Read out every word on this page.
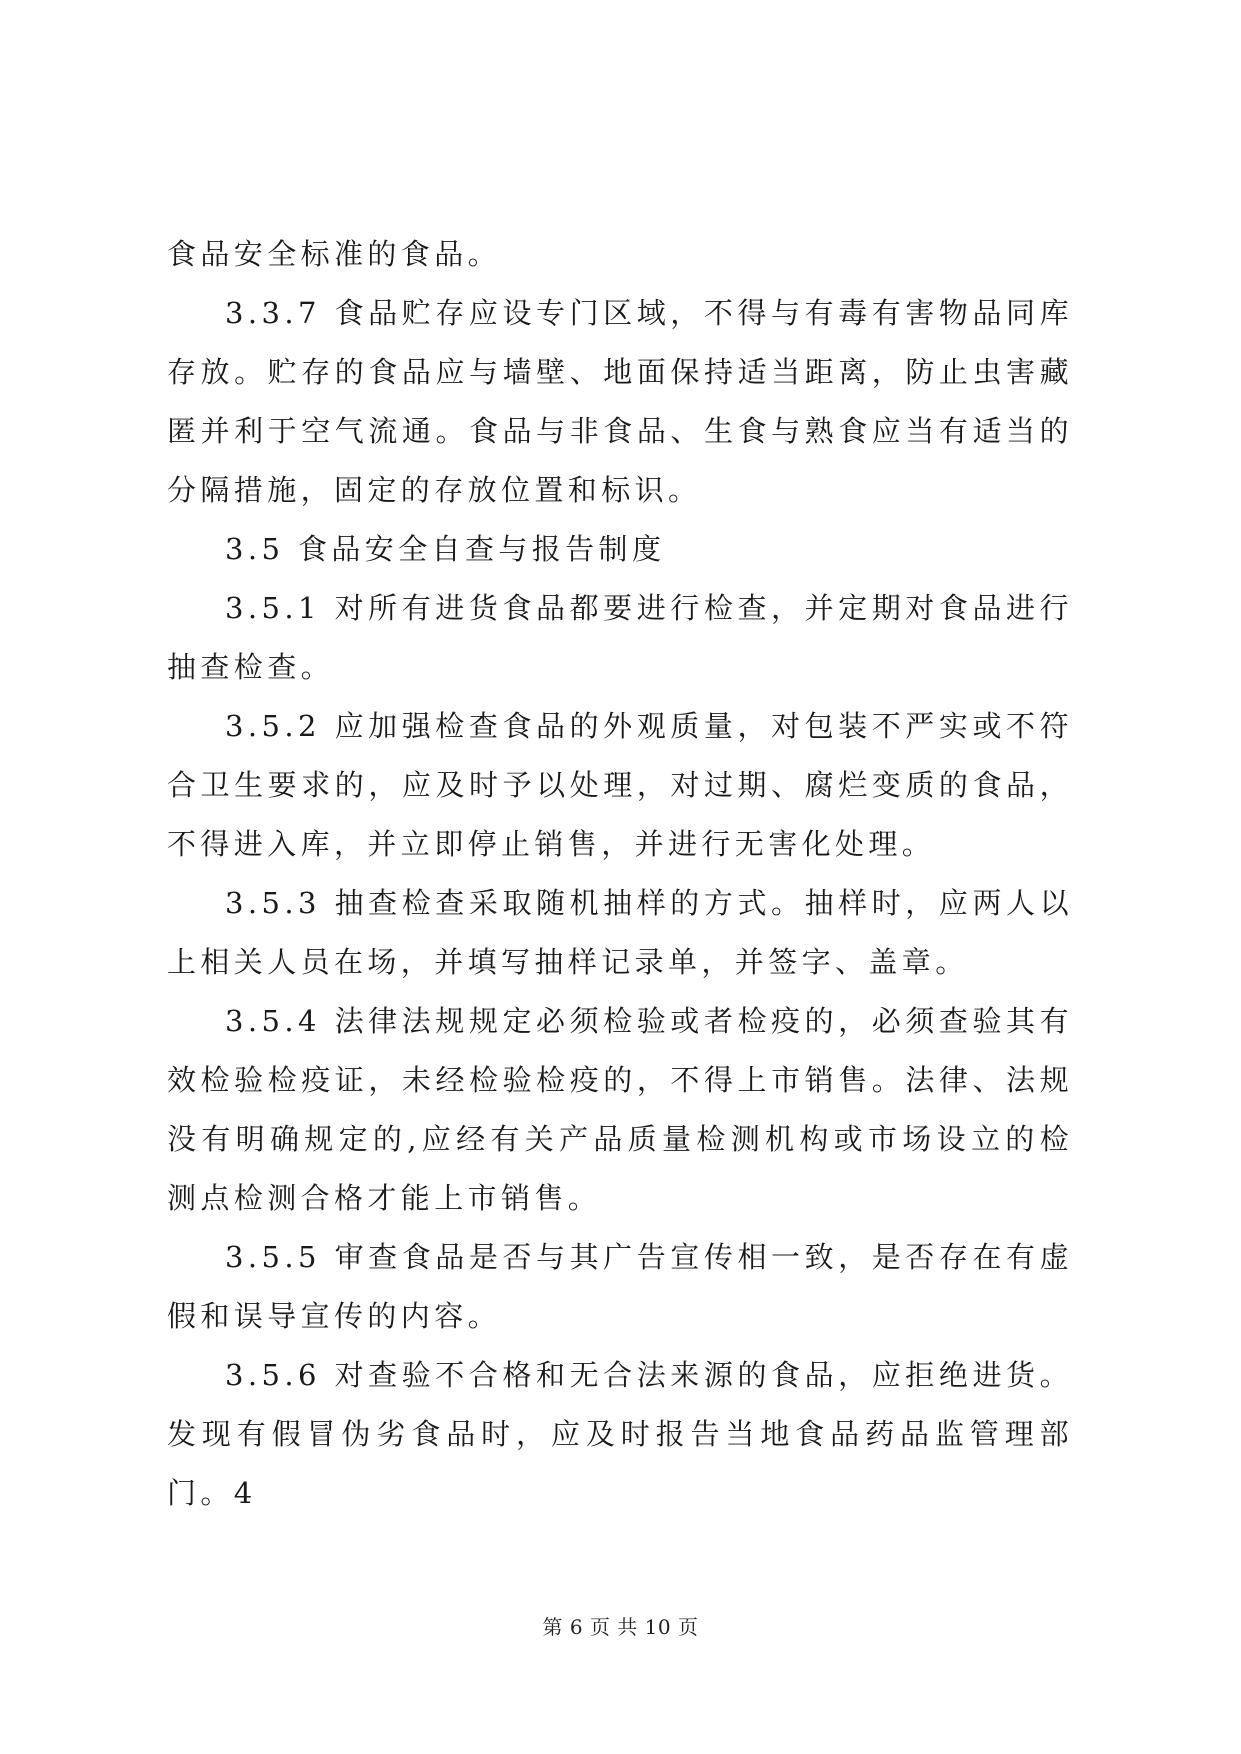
食品安全标准的食品。

3.3.7 食品贮存应设专门区域，不得与有毒有害物品同库存放。贮存的食品应与墙壁、地面保持适当距离，防止虫害藏匿并利于空气流通。食品与非食品、生食与熟食应当有适当的分隔措施，固定的存放位置和标识。

3.5 食品安全自查与报告制度

3.5.1 对所有进货食品都要进行检查，并定期对食品进行抽查检查。

3.5.2 应加强检查食品的外观质量，对包装不严实或不符合卫生要求的，应及时予以处理，对过期、腐烂变质的食品，不得进入库，并立即停止销售，并进行无害化处理。

3.5.3 抽查检查采取随机抽样的方式。抽样时，应两人以上相关人员在场，并填写抽样记录单，并签字、盖章。

3.5.4 法律法规规定必须检验或者检疫的，必须查验其有效检验检疫证，未经检验检疫的，不得上市销售。法律、法规没有明确规定的,应经有关产品质量检测机构或市场设立的检测点检测合格才能上市销售。

3.5.5 审查食品是否与其广告宣传相一致，是否存在有虚假和误导宣传的内容。

3.5.6 对查验不合格和无合法来源的食品，应拒绝进货。发现有假冒伪劣食品时，应及时报告当地食品药品监管理部门。4

第 6 页 共 10 页
